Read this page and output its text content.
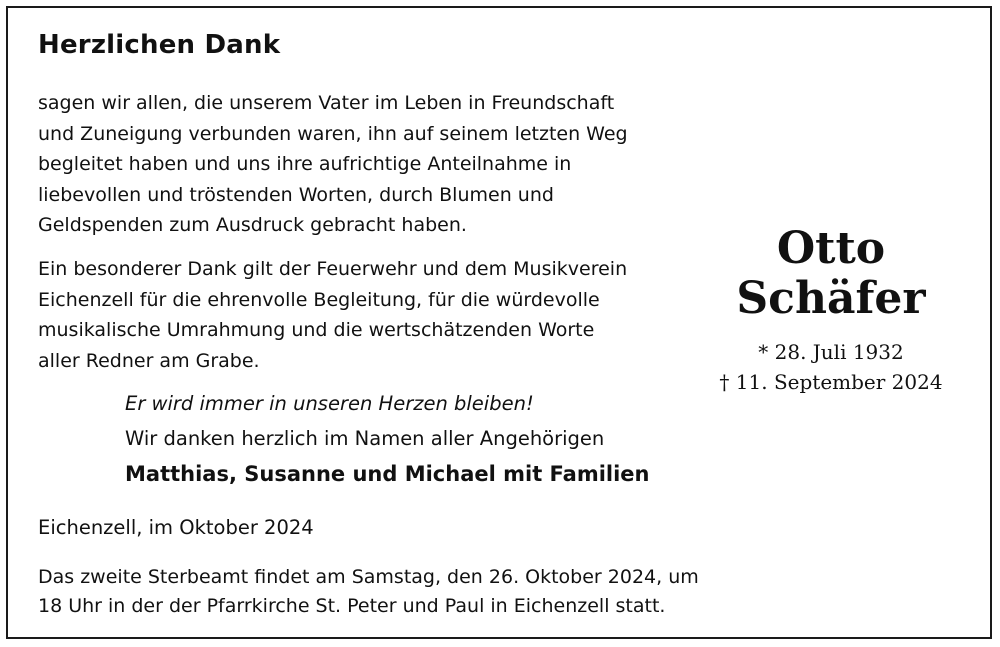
Herzlichen Dank
sagen wir allen, die unserem Vater im Leben in Freundschaft
und Zuneigung verbunden waren, ihn auf seinem letzten Weg
begleitet haben und uns ihre aufrichtige Anteilnahme in
liebevollen und tröstenden Worten, durch Blumen und
Geldspenden zum Ausdruck gebracht haben.
Ein besonderer Dank gilt der Feuerwehr und dem Musikverein
Eichenzell für die ehrenvolle Begleitung, für die würdevolle
musikalische Umrahmung und die wertschätzenden Worte
aller Redner am Grabe.
Er wird immer in unseren Herzen bleiben!
Wir danken herzlich im Namen aller Angehörigen
Matthias, Susanne und Michael mit Familien
Eichenzell, im Oktober 2024
Das zweite Sterbeamt findet am Samstag, den 26. Oktober 2024, um
18 Uhr in der der Pfarrkirche St. Peter und Paul in Eichenzell statt.
Otto
Schäfer
* 28. Juli 1932
† 11. September 2024
